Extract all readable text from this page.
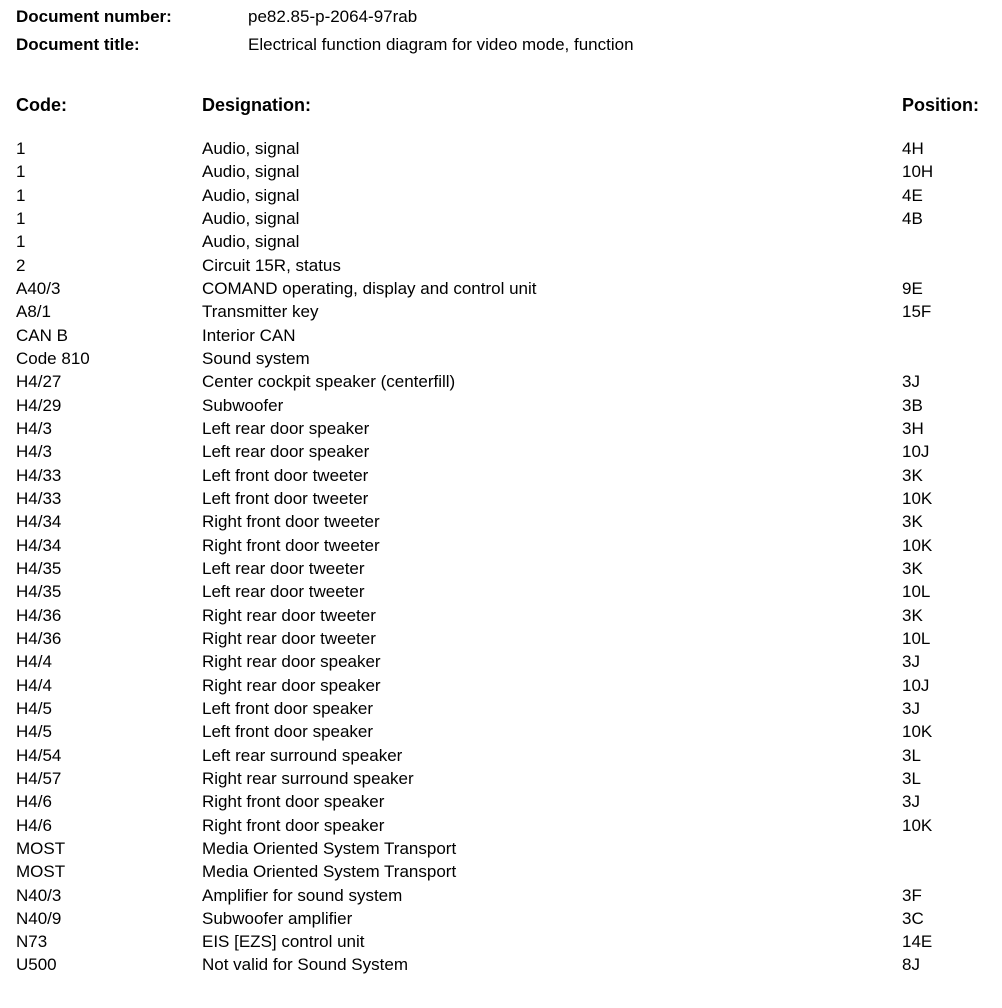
Document number:	pe82.85-p-2064-97rab
Document title:	Electrical function diagram for video mode, function
Code:	Designation:	Position:
1	Audio, signal	4H
1	Audio, signal	10H
1	Audio, signal	4E
1	Audio, signal	4B
1	Audio, signal
2	Circuit 15R, status
A40/3	COMAND operating, display and control unit	9E
A8/1	Transmitter key	15F
CAN B	Interior CAN
Code 810	Sound system
H4/27	Center cockpit speaker (centerfill)	3J
H4/29	Subwoofer	3B
H4/3	Left rear door speaker	3H
H4/3	Left rear door speaker	10J
H4/33	Left front door tweeter	3K
H4/33	Left front door tweeter	10K
H4/34	Right front door tweeter	3K
H4/34	Right front door tweeter	10K
H4/35	Left rear door tweeter	3K
H4/35	Left rear door tweeter	10L
H4/36	Right rear door tweeter	3K
H4/36	Right rear door tweeter	10L
H4/4	Right rear door speaker	3J
H4/4	Right rear door speaker	10J
H4/5	Left front door speaker	3J
H4/5	Left front door speaker	10K
H4/54	Left rear surround speaker	3L
H4/57	Right rear surround speaker	3L
H4/6	Right front door speaker	3J
H4/6	Right front door speaker	10K
MOST	Media Oriented System Transport
MOST	Media Oriented System Transport
N40/3	Amplifier for sound system	3F
N40/9	Subwoofer amplifier	3C
N73	EIS [EZS] control unit	14E
U500	Not valid for Sound System	8J
